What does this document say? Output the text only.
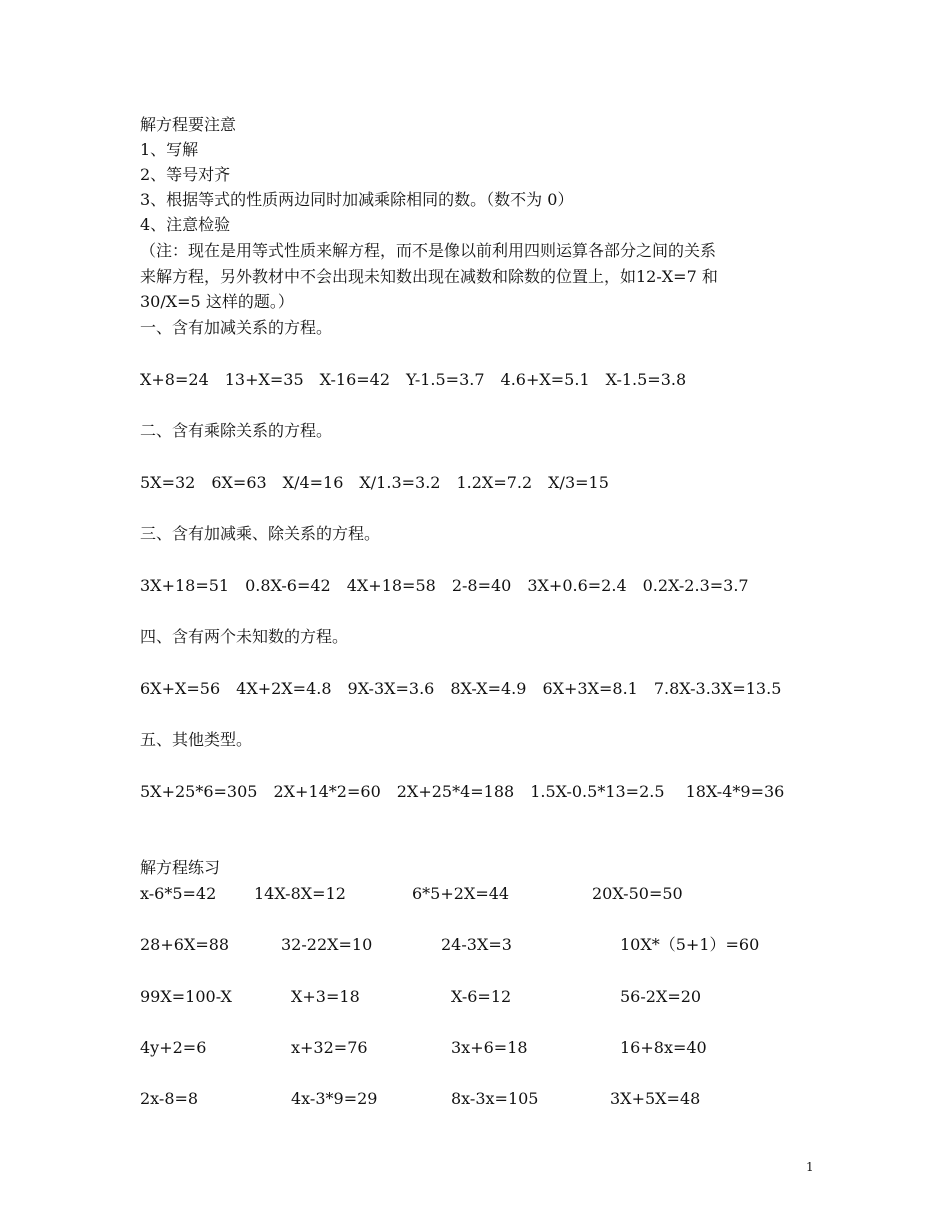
解方程要注意
1、写解
2、等号对齐
3、根据等式的性质两边同时加减乘除相同的数。（数不为 0）
4、注意检验
（注：现在是用等式性质来解方程，而不是像以前利用四则运算各部分之间的关系
来解方程，另外教材中不会出现未知数出现在减数和除数的位置上，如12-X=7 和
30/X=5 这样的题。）
一、含有加减关系的方程。
X+8=24　13+X=35　X-16=42　Y-1.5=3.7　4.6+X=5.1　X-1.5=3.8
二、含有乘除关系的方程。
5X=32　6X=63　X/4=16　X/1.3=3.2　1.2X=7.2　X/3=15
三、含有加减乘、除关系的方程。
3X+18=51　0.8X-6=42　4X+18=58　2-8=40　3X+0.6=2.4　0.2X-2.3=3.7
四、含有两个未知数的方程。
6X+X=56　4X+2X=4.8　9X-3X=3.6　8X-X=4.9　6X+3X=8.1　7.8X-3.3X=13.5
五、其他类型。
5X+25*6=305　2X+14*2=60　2X+25*4=188　1.5X-0.5*13=2.5　 18X-4*9=36
解方程练习
x-6*5=42 14X-8X=12	6*5+2X=44	20X-50=50
28+6X=88	32-22X=10	24-3X=3	10X*（5+1）=60
99X=100-X	X+3=18	X-6=12	56-2X=20
4y+2=6	x+32=76	3x+6=18	16+8x=40
2x-8=8	4x-3*9=29	8x-3x=105	3X+5X=48
1
